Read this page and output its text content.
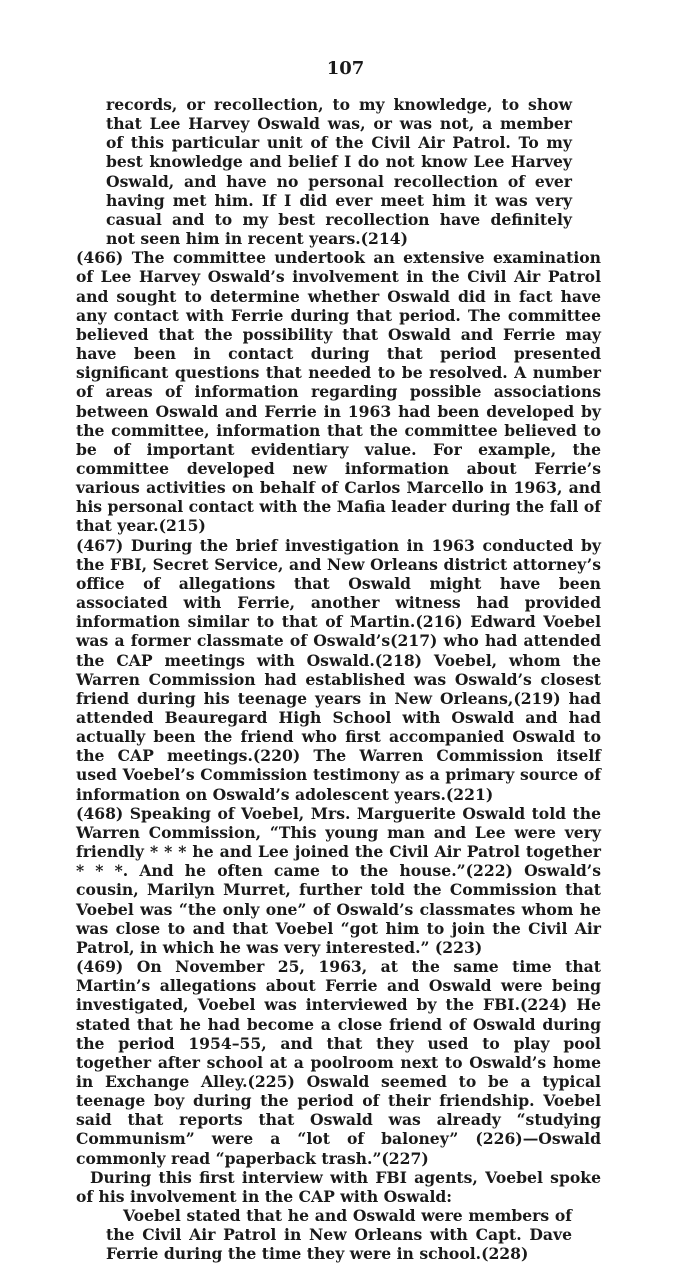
107

records, or recollection, to my knowledge, to show that Lee Harvey Oswald was, or was not, a member of this particular unit of the Civil Air Patrol. To my best knowledge and belief I do not know Lee Harvey Oswald, and have no personal recollection of ever having met him. If I did ever meet him it was very casual and to my best recollection have definitely not seen him in recent years.(214)

(466) The committee undertook an extensive examination of Lee Harvey Oswald’s involvement in the Civil Air Patrol and sought to determine whether Oswald did in fact have any contact with Ferrie during that period. The committee believed that the possibility that Oswald and Ferrie may have been in contact during that period presented significant questions that needed to be resolved. A number of areas of information regarding possible associations between Oswald and Ferrie in 1963 had been developed by the committee, information that the committee believed to be of important evidentiary value. For example, the committee developed new information about Ferrie’s various activities on behalf of Carlos Marcello in 1963, and his personal contact with the Mafia leader during the fall of that year.(215)

(467) During the brief investigation in 1963 conducted by the FBI, Secret Service, and New Orleans district attorney’s office of allegations that Oswald might have been associated with Ferrie, another witness had provided information similar to that of Martin.(216) Edward Voebel was a former classmate of Oswald’s(217) who had attended the CAP meetings with Oswald.(218) Voebel, whom the Warren Commission had established was Oswald’s closest friend during his teenage years in New Orleans,(219) had attended Beauregard High School with Oswald and had actually been the friend who first accompanied Oswald to the CAP meetings.(220) The Warren Commission itself used Voebel’s Commission testimony as a primary source of information on Oswald’s adolescent years.(221)

(468) Speaking of Voebel, Mrs. Marguerite Oswald told the Warren Commission, “This young man and Lee were very friendly * * * he and Lee joined the Civil Air Patrol together * * *. And he often came to the house.”(222) Oswald’s cousin, Marilyn Murret, further told the Commission that Voebel was “the only one” of Oswald’s classmates whom he was close to and that Voebel “got him to join the Civil Air Patrol, in which he was very interested.” (223)

(469) On November 25, 1963, at the same time that Martin’s allegations about Ferrie and Oswald were being investigated, Voebel was interviewed by the FBI.(224) He stated that he had become a close friend of Oswald during the period 1954–55, and that they used to play pool together after school at a poolroom next to Oswald’s home in Exchange Alley.(225) Oswald seemed to be a typical teenage boy during the period of their friendship. Voebel said that reports that Oswald was already “studying Communism” were a “lot of baloney” (226)—Oswald commonly read “paperback trash.”(227)

During this first interview with FBI agents, Voebel spoke of his involvement in the CAP with Oswald:

Voebel stated that he and Oswald were members of the Civil Air Patrol in New Orleans with Capt. Dave Ferrie during the time they were in school.(228)
